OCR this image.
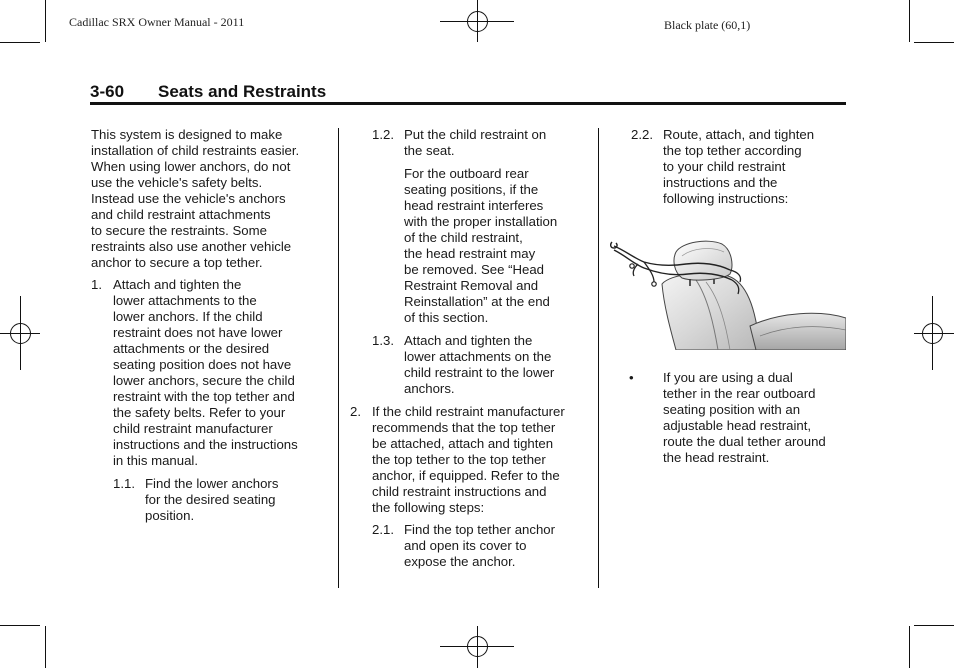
Cadillac SRX Owner Manual - 2011	Black plate (60,1)
3-60 Seats and Restraints

This system is designed to make

installation of child restraints easier.

When using lower anchors, do not

use the vehicle's safety belts.

Instead use the vehicle's anchors

and child restraint attachments

to secure the restraints. Some

restraints also use another vehicle

anchor to secure a top tether.

1. Attach and tighten the

lower attachments to the

lower anchors. If the child

restraint does not have lower

attachments or the desired

seating position does not have

lower anchors, secure the child

restraint with the top tether and

the safety belts. Refer to your

child restraint manufacturer

instructions and the instructions

in this manual.

1.1. Find the lower anchors

for the desired seating

position.

1.2. Put the child restraint on

the seat.

For the outboard rear

seating positions, if the

head restraint interferes

with the proper installation

of the child restraint,

the head restraint may

be removed. See “Head

Restraint Removal and

Reinstallation” at the end

of this section.

1.3. Attach and tighten the

lower attachments on the

child restraint to the lower

anchors.

2. If the child restraint manufacturer

recommends that the top tether

be attached, attach and tighten

the top tether to the top tether

anchor, if equipped. Refer to the

child restraint instructions and

the following steps:

2.1. Find the top tether anchor

and open its cover to

expose the anchor.

2.2. Route, attach, and tighten

the top tether according

to your child restraint

instructions and the

following instructions:

• If you are using a dual

tether in the rear outboard

seating position with an

adjustable head restraint,

route the dual tether around

the head restraint.
